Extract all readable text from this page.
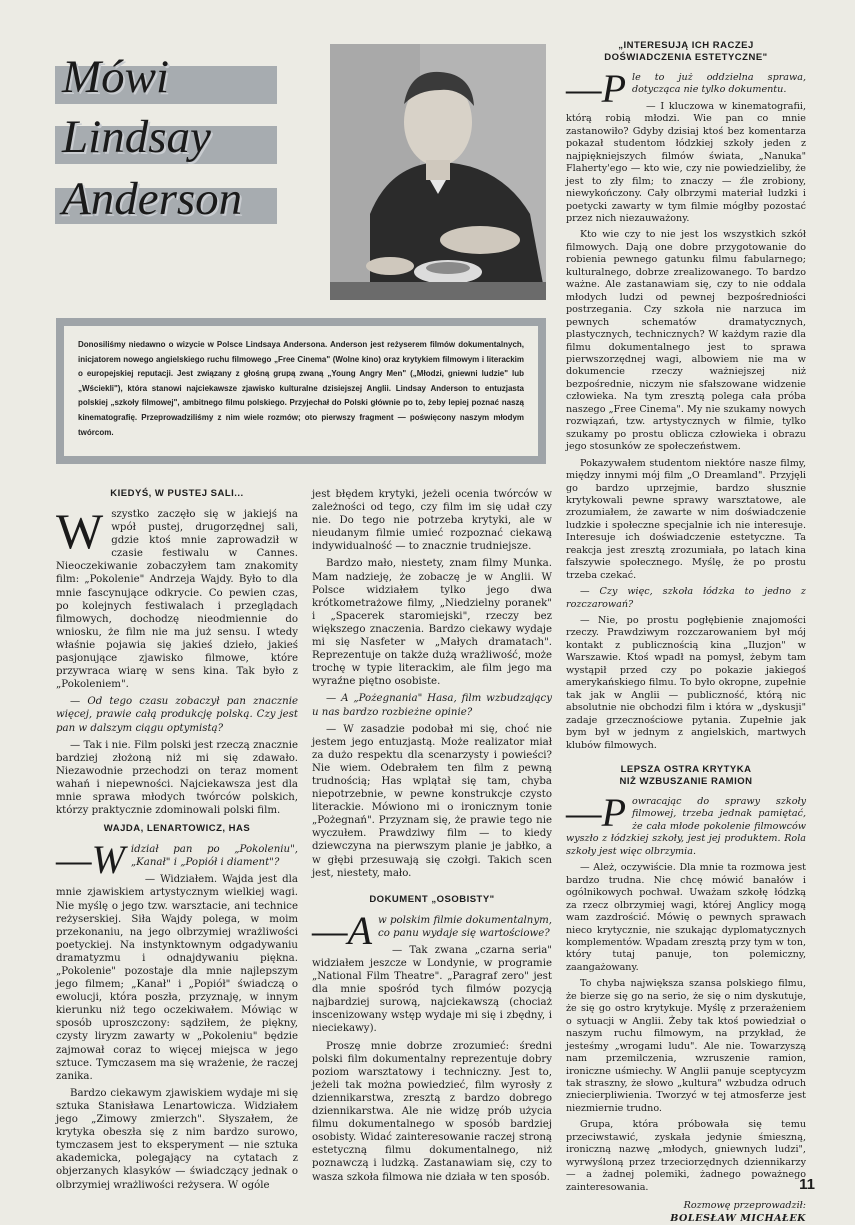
Mówi
Lindsay
Anderson
Donosiliśmy niedawno o wizycie w Polsce Lindsaya Andersona. Anderson jest reżyserem filmów dokumentalnych, inicjatorem nowego angielskiego ruchu filmowego „Free Cinema" (Wolne kino) oraz krytykiem filmowym i literackim o europejskiej reputacji. Jest związany z głośną grupą zwaną „Young Angry Men" („Młodzi, gniewni ludzie" lub „Wściekli"), która stanowi najciekawsze zjawisko kulturalne dzisiejszej Anglii. Lindsay Anderson to entuzjasta polskiej „szkoły filmowej", ambitnego filmu polskiego. Przyjechał do Polski głównie po to, żeby lepiej poznać naszą kinematografię. Przeprowadziliśmy z nim wiele rozmów; oto pierwszy fragment — poświęcony naszym młodym twórcom.
KIEDYŚ, W PUSTEJ SALI...

Wszystko zaczęło się w jakiejś na wpół pustej, drugorzędnej sali, gdzie ktoś mnie zaprowadził w czasie festiwalu w Cannes. Nieoczekiwanie zobaczyłem tam znakomity film: „Pokolenie" Andrzeja Wajdy. Było to dla mnie fascynujące odkrycie. Co pewien czas, po kolejnych festiwalach i przeglądach filmowych, dochodzę nieodmiennie do wniosku, że film nie ma już sensu. I wtedy właśnie pojawia się jakieś dzieło, jakieś pasjonujące zjawisko filmowe, które przywraca wiarę w sens kina. Tak było z „Pokoleniem".

— Od tego czasu zobaczył pan znacznie więcej, prawie całą produkcję polską. Czy jest pan w dalszym ciągu optymistą?

— Tak i nie. Film polski jest rzeczą znacznie bardziej złożoną niż mi się zdawało. Niezawodnie przechodzi on teraz moment wahań i niepewności. Najciekawsza jest dla mnie sprawa młodych twórców polskich, którzy praktycznie zdominowali polski film.

WAJDA, LENARTOWICZ, HAS

—W idział pan po „Pokoleniu", „Kanał" i „Popiół i diament"?

— Widziałem. Wajda jest dla mnie zjawiskiem artystycznym wielkiej wagi. Nie myślę o jego tzw. warsztacie, ani technice reżyserskiej. Siła Wajdy polega, w moim przekonaniu, na jego olbrzymiej wrażliwości poetyckiej. Na instynktownym odgadywaniu dramatyzmu i odnajdywaniu piękna. „Pokolenie" pozostaje dla mnie najlepszym jego filmem; „Kanał" i „Popiół" świadczą o ewolucji, która poszła, przyznaję, w innym kierunku niż tego oczekiwałem. Mówiąc w sposób uproszczony: sądziłem, że piękny, czysty liryzm zawarty w „Pokoleniu" będzie zajmował coraz to więcej miejsca w jego sztuce. Tymczasem ma się wrażenie, że raczej zanika.

Bardzo ciekawym zjawiskiem wydaje mi się sztuka Stanisława Lenartowicza. Widziałem jego „Zimowy zmierzch". Słyszałem, że krytyka obeszła się z nim bardzo surowo, tymczasem jest to eksperyment — nie sztuka akademicka, polegający na cytatach z objerzanych klasyków — świadczący jednak o olbrzymiej wrażliwości reżysera. W ogóle

jest błędem krytyki, jeżeli ocenia twórców w zależności od tego, czy film im się udał czy nie. Do tego nie potrzeba krytyki, ale w nieudanym filmie umieć rozpoznać ciekawą indywidualność — to znacznie trudniejsze.

Bardzo mało, niestety, znam filmy Munka. Mam nadzieję, że zobaczę je w Anglii. W Polsce widziałem tylko jego dwa krótkometrażowe filmy, „Niedzielny poranek" i „Spacerek staromiejski", rzeczy bez większego znaczenia. Bardzo ciekawy wydaje mi się Nasfeter w „Małych dramatach". Reprezentuje on także dużą wrażliwość, może trochę w typie literackim, ale film jego ma wyraźne piętno osobiste.

— A „Pożegnania" Hasa, film wzbudzający u nas bardzo rozbieżne opinie?

— W zasadzie podobał mi się, choć nie jestem jego entuzjastą. Może realizator miał za dużo respektu dla scenarzysty i powieści? Nie wiem. Odebrałem ten film z pewną trudnością; Has wplątał się tam, chyba niepotrzebnie, w pewne konstrukcje czysto literackie. Mówiono mi o ironicznym tonie „Pożegnań". Przyznam się, że prawie tego nie wyczułem. Prawdziwy film — to kiedy dziewczyna na pierwszym planie je jabłko, a w głębi przesuwają się czołgi. Takich scen jest, niestety, mało.

DOKUMENT „OSOBISTY"

—A w polskim filmie dokumentalnym, co panu wydaje się wartościowe?

— Tak zwana „czarna seria" widziałem jeszcze w Londynie, w programie „National Film Theatre". „Paragraf zero" jest dla mnie spośród tych filmów pozycją najbardziej surową, najciekawszą (chociaż inscenizowany wstęp wydaje mi się i zbędny, i nieciekawy).

Proszę mnie dobrze zrozumieć: średni polski film dokumentalny reprezentuje dobry poziom warsztatowy i techniczny. Jest to, jeżeli tak można powiedzieć, film wyrosły z dziennikarstwa, zresztą z bardzo dobrego dziennikarstwa. Ale nie widzę prób użycia filmu dokumentalnego w sposób bardziej osobisty. Widać zainteresowanie raczej stroną estetyczną filmu dokumentalnego, niż poznawczą i ludzką. Zastanawiam się, czy to wasza szkoła filmowa nie działa w ten sposób.

„INTERESUJĄ ICH RACZEJ
DOŚWIADCZENIA ESTETYCZNE"

—P le to już oddzielna sprawa, dotycząca nie tylko dokumentu.

— I kluczowa w kinematografii, którą robią młodzi. Wie pan co mnie zastanowiło? Gdyby dzisiaj ktoś bez komentarza pokazał studentom łódzkiej szkoły jeden z najpiękniejszych filmów świata, „Nanuka" Flaherty'ego — kto wie, czy nie powiedzieliby, że jest to zły film; to znaczy — źle zrobiony, niewykończony. Cały olbrzymi materiał ludzki i poetycki zawarty w tym filmie mógłby pozostać przez nich niezauważony.

Kto wie czy to nie jest los wszystkich szkół filmowych. Dają one dobre przygotowanie do robienia pewnego gatunku filmu fabularnego; kulturalnego, dobrze zrealizowanego. To bardzo ważne. Ale zastanawiam się, czy to nie oddala młodych ludzi od pewnej bezpośredniości postrzegania. Czy szkoła nie narzuca im pewnych schematów dramatycznych, plastycznych, technicznych? W każdym razie dla filmu dokumentalnego jest to sprawa pierwszorzędnej wagi, albowiem nie ma w dokumencie rzeczy ważniejszej niż bezpośrednie, niczym nie sfałszowane widzenie człowieka. Na tym zresztą polega cała próba naszego „Free Cinema". My nie szukamy nowych rozwiązań, tzw. artystycznych w filmie, tylko szukamy po prostu oblicza człowieka i obrazu jego stosunków ze społeczeństwem.

Pokazywałem studentom niektóre nasze filmy, między innymi mój film „O Dreamland". Przyjęli go bardzo uprzejmie, bardzo słusznie krytykowali pewne sprawy warsztatowe, ale zrozumiałem, że zawarte w nim doświadczenie ludzkie i społeczne specjalnie ich nie interesuje. Interesuje ich doświadczenie estetyczne. Ta reakcja jest zresztą zrozumiała, po latach kina fałszywie społecznego. Myślę, że po prostu trzeba czekać.

— Czy więc, szkoła łódzka to jedno z rozczarowań?

— Nie, po prostu pogłębienie znajomości rzeczy. Prawdziwym rozczarowaniem był mój kontakt z publicznością kina „Iluzjon" w Warszawie. Ktoś wpadł na pomysł, żebym tam wystąpił przed czy po pokazie jakiegoś amerykańskiego filmu. To było okropne, zupełnie tak jak w Anglii — publiczność, którą nic absolutnie nie obchodzi film i która w „dyskusji" zadaje grzecznościowe pytania. Zupełnie jak bym był w jednym z angielskich, martwych klubów filmowych.

LEPSZA OSTRA KRYTYKA
NIŻ WZBUSZANIE RAMION

—P owracając do sprawy szkoły filmowej, trzeba jednak pamiętać, że cała młode pokolenie filmowców wyszło z łódzkiej szkoły, jest jej produktem. Rola szkoły jest więc olbrzymia.

— Ależ, oczywiście. Dla mnie ta rozmowa jest bardzo trudna. Nie chcę mówić banałów i ogólnikowych pochwał. Uważam szkołę łódzką za rzecz olbrzymiej wagi, której Anglicy mogą wam zazdrościć. Mówię o pewnych sprawach nieco krytycznie, nie szukając dyplomatycznych komplementów. Wpadam zresztą przy tym w ton, który tutaj panuje, ton polemiczny, zaangażowany.

To chyba największa szansa polskiego filmu, że bierze się go na serio, że się o nim dyskutuje, że się go ostro krytykuje. Myślę z przerażeniem o sytuacji w Anglii. Żeby tak ktoś powiedział o naszym ruchu filmowym, na przykład, że jesteśmy „wrogami ludu". Ale nie. Towarzyszą nam przemilczenia, wzruszenie ramion, ironiczne uśmiechy. W Anglii panuje sceptycyzm tak straszny, że słowo „kultura" wzbudza odruch zniecierpliwienia. Tworzyć w tej atmosferze jest niezmiernie trudno.

Grupa, która próbowała się temu przeciwstawić, zyskała jedynie śmieszną, ironiczną nazwę „młodych, gniewnych ludzi", wyrwyśloną przez trzeciorzędnych dziennikarzy — a żadnej polemiki, żadnego poważnego zainteresowania.

Rozmowę przeprowadził:
BOLESŁAW MICHAŁEK
11
